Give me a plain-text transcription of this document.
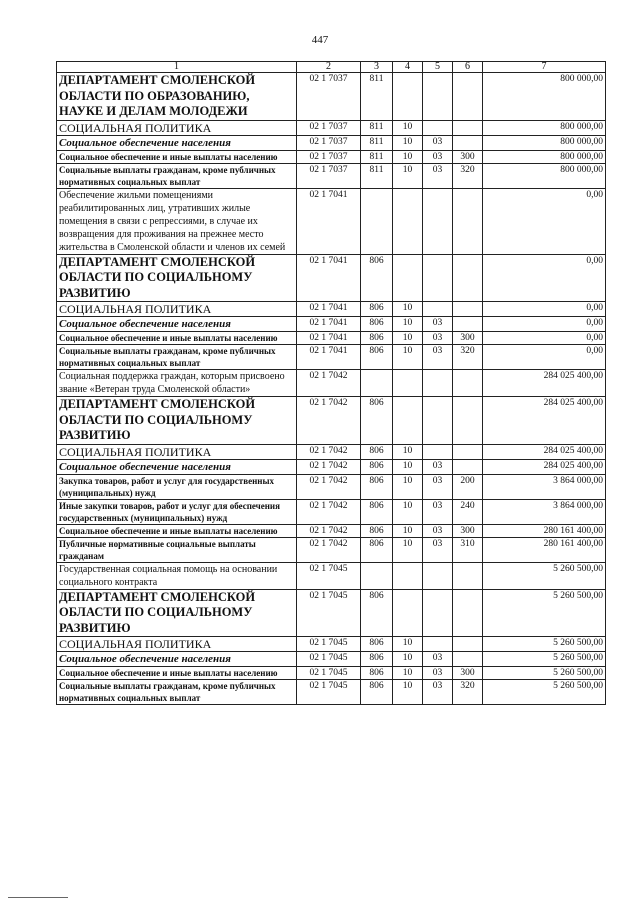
447
1	2	3	4	5	6	7
ДЕПАРТАМЕНТ СМОЛЕНСКОЙ ОБЛАСТИ ПО ОБРАЗОВАНИЮ, НАУКЕ И ДЕЛАМ МОЛОДЕЖИ	02 1 7037	811				800 000,00
СОЦИАЛЬНАЯ ПОЛИТИКА	02 1 7037	811	10			800 000,00
Социальное обеспечение населения	02 1 7037	811	10	03		800 000,00
Социальное обеспечение и иные выплаты населению	02 1 7037	811	10	03	300	800 000,00
Социальные выплаты гражданам, кроме публичных нормативных социальных выплат	02 1 7037	811	10	03	320	800 000,00
Обеспечение жильми помещениями реабилитированных лиц, утративших жилые помещения в связи с репрессиями, в случае их возвращения для проживания на прежнее место жительства в Смоленской области и членов их семей	02 1 7041					0,00
ДЕПАРТАМЕНТ СМОЛЕНСКОЙ ОБЛАСТИ ПО СОЦИАЛЬНОМУ РАЗВИТИЮ	02 1 7041	806				0,00
СОЦИАЛЬНАЯ ПОЛИТИКА	02 1 7041	806	10			0,00
Социальное обеспечение населения	02 1 7041	806	10	03		0,00
Социальное обеспечение и иные выплаты населению	02 1 7041	806	10	03	300	0,00
Социальные выплаты гражданам, кроме публичных нормативных социальных выплат	02 1 7041	806	10	03	320	0,00
Социальная поддержка граждан, которым присвоено звание «Ветеран труда Смоленской области»	02 1 7042					284 025 400,00
ДЕПАРТАМЕНТ СМОЛЕНСКОЙ ОБЛАСТИ ПО СОЦИАЛЬНОМУ РАЗВИТИЮ	02 1 7042	806				284 025 400,00
СОЦИАЛЬНАЯ ПОЛИТИКА	02 1 7042	806	10			284 025 400,00
Социальное обеспечение населения	02 1 7042	806	10	03		284 025 400,00
Закупка товаров, работ и услуг для государственных (муниципальных) нужд	02 1 7042	806	10	03	200	3 864 000,00
Иные закупки товаров, работ и услуг для обеспечения государственных (муниципальных) нужд	02 1 7042	806	10	03	240	3 864 000,00
Социальное обеспечение и иные выплаты населению	02 1 7042	806	10	03	300	280 161 400,00
Публичные нормативные социальные выплаты гражданам	02 1 7042	806	10	03	310	280 161 400,00
Государственная социальная помощь на основании социального контракта	02 1 7045					5 260 500,00
ДЕПАРТАМЕНТ СМОЛЕНСКОЙ ОБЛАСТИ ПО СОЦИАЛЬНОМУ РАЗВИТИЮ	02 1 7045	806				5 260 500,00
СОЦИАЛЬНАЯ ПОЛИТИКА	02 1 7045	806	10			5 260 500,00
Социальное обеспечение населения	02 1 7045	806	10	03		5 260 500,00
Социальное обеспечение и иные выплаты населению	02 1 7045	806	10	03	300	5 260 500,00
Социальные выплаты гражданам, кроме публичных нормативных социальных выплат	02 1 7045	806	10	03	320	5 260 500,00
